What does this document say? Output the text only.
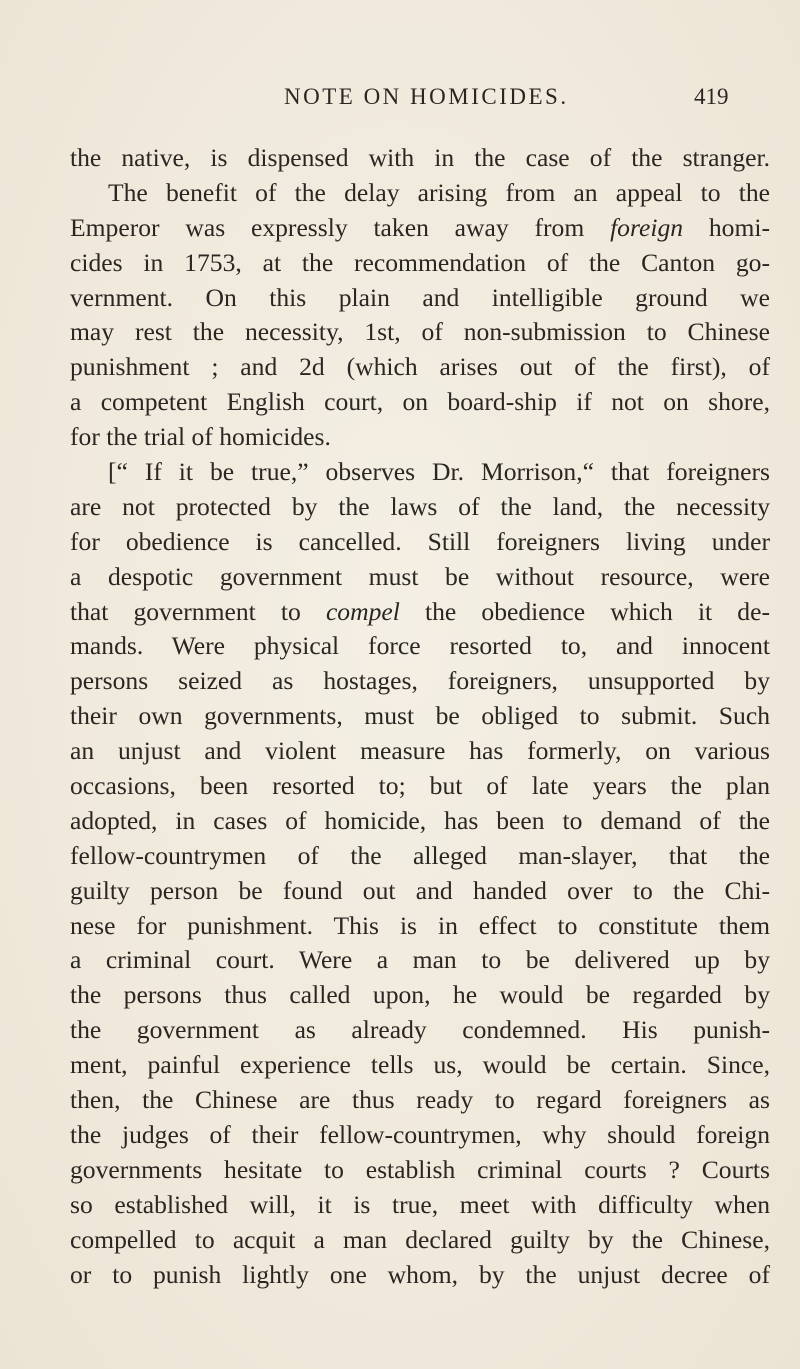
NOTE ON HOMICIDES.	419
the native, is dispensed with in the case of the stranger.
The benefit of the delay arising from an appeal to the
Emperor was expressly taken away from foreign homi-
cides in 1753, at the recommendation of the Canton go-
vernment. On this plain and intelligible ground we
may rest the necessity, 1st, of non-submission to Chinese
punishment ; and 2d (which arises out of the first), of
a competent English court, on board-ship if not on shore,
for the trial of homicides.
[“ If it be true,” observes Dr. Morrison,“ that foreigners
are not protected by the laws of the land, the necessity
for obedience is cancelled. Still foreigners living under
a despotic government must be without resource, were
that government to compel the obedience which it de-
mands. Were physical force resorted to, and innocent
persons seized as hostages, foreigners, unsupported by
their own governments, must be obliged to submit. Such
an unjust and violent measure has formerly, on various
occasions, been resorted to; but of late years the plan
adopted, in cases of homicide, has been to demand of the
fellow-countrymen of the alleged man-slayer, that the
guilty person be found out and handed over to the Chi-
nese for punishment. This is in effect to constitute them
a criminal court. Were a man to be delivered up by
the persons thus called upon, he would be regarded by
the government as already condemned. His punish-
ment, painful experience tells us, would be certain. Since,
then, the Chinese are thus ready to regard foreigners as
the judges of their fellow-countrymen, why should foreign
governments hesitate to establish criminal courts ? Courts
so established will, it is true, meet with difficulty when
compelled to acquit a man declared guilty by the Chinese,
or to punish lightly one whom, by the unjust decree of
